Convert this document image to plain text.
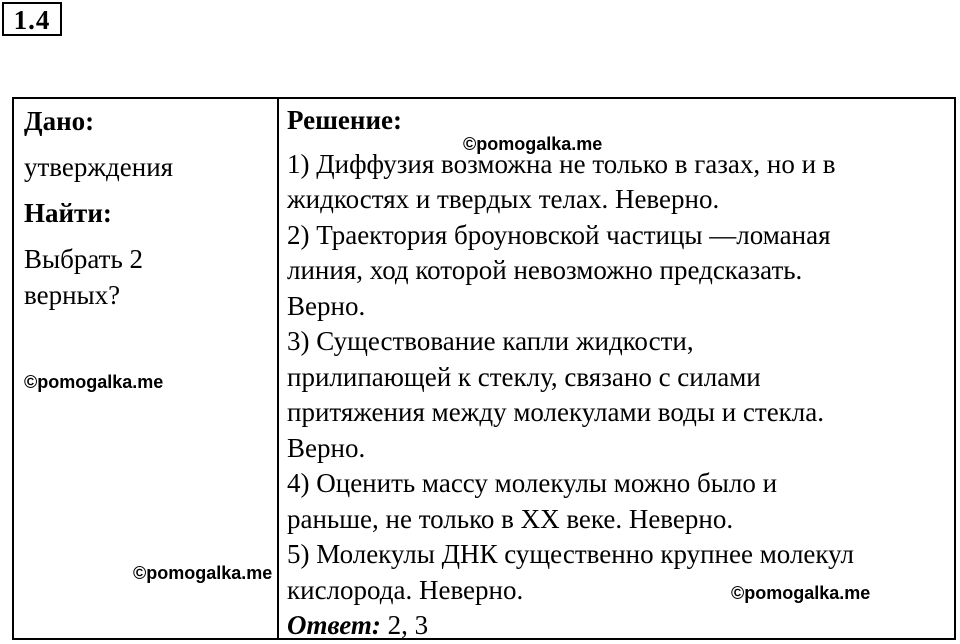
1.4
Дано:
утверждения
Найти:
Выбрать 2
верных?
Решение:
1) Диффузия возможна не только в газах, но и в
жидкостях и твердых телах. Неверно.
2) Траектория броуновской частицы —ломаная
линия, ход которой невозможно предсказать.
Верно.
3) Существование капли жидкости,
прилипающей к стеклу, связано с силами
притяжения между молекулами воды и стекла.
Верно.
4) Оценить массу молекулы можно было и
раньше, не только в XX веке. Неверно.
5) Молекулы ДНК существенно крупнее молекул
кислорода. Неверно.
Ответ: 2, 3
©pomogalka.me
©pomogalka.me
©pomogalka.me
©pomogalka.me
